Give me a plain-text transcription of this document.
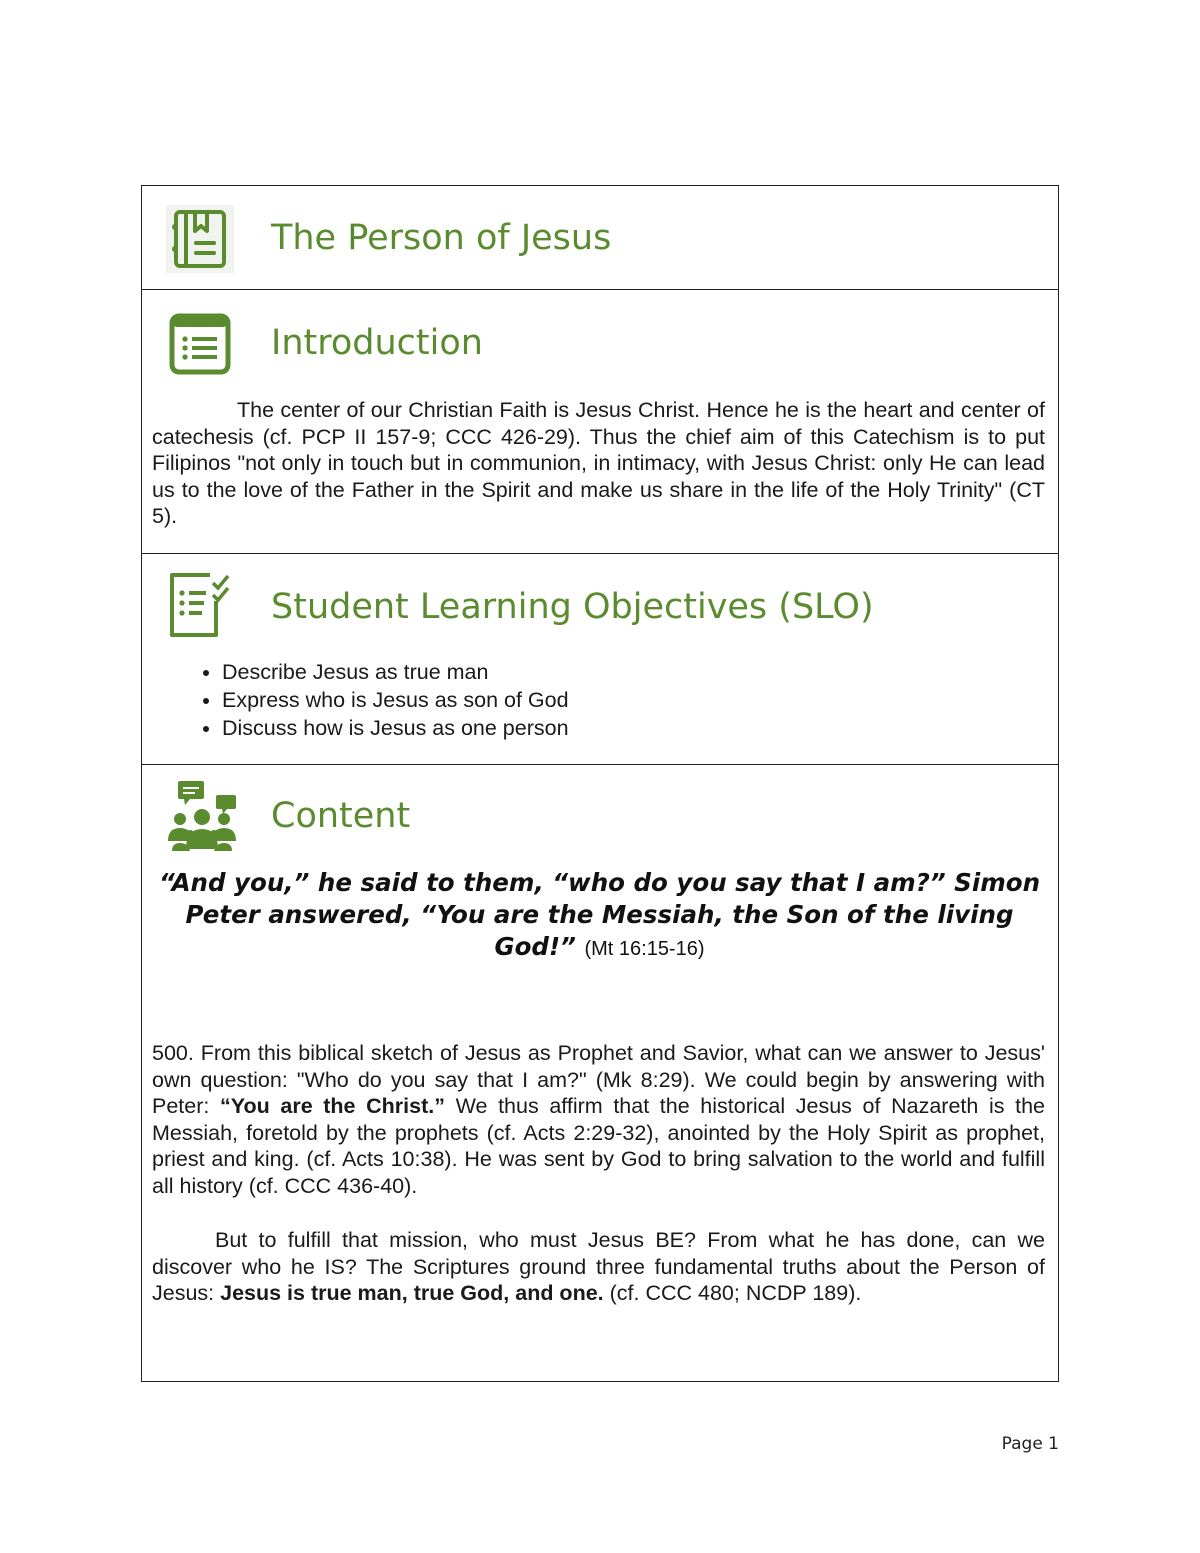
The Person of Jesus
Introduction

The center of our Christian Faith is Jesus Christ. Hence he is the heart and center of catechesis (cf. PCP II 157-9; CCC 426-29). Thus the chief aim of this Catechism is to put Filipinos "not only in touch but in communion, in intimacy, with Jesus Christ: only He can lead us to the love of the Father in the Spirit and make us share in the life of the Holy Trinity" (CT 5).

Student Learning Objectives (SLO)
• Describe Jesus as true man
• Express who is Jesus as son of God
• Discuss how is Jesus as one person
Content

“And you,” he said to them, “who do you say that I am?” Simon Peter answered, “You are the Messiah, the Son of the living God!” (Mt 16:15-16)

500. From this biblical sketch of Jesus as Prophet and Savior, what can we answer to Jesus' own question: "Who do you say that I am?" (Mk 8:29). We could begin by answering with Peter: “You are the Christ.” We thus affirm that the historical Jesus of Nazareth is the Messiah, foretold by the prophets (cf. Acts 2:29-32), anointed by the Holy Spirit as prophet, priest and king. (cf. Acts 10:38). He was sent by God to bring salvation to the world and fulfill all history (cf. CCC 436-40).

But to fulfill that mission, who must Jesus BE? From what he has done, can we discover who he IS? The Scriptures ground three fundamental truths about the Person of Jesus: Jesus is true man, true God, and one. (cf. CCC 480; NCDP 189).

Page 1
